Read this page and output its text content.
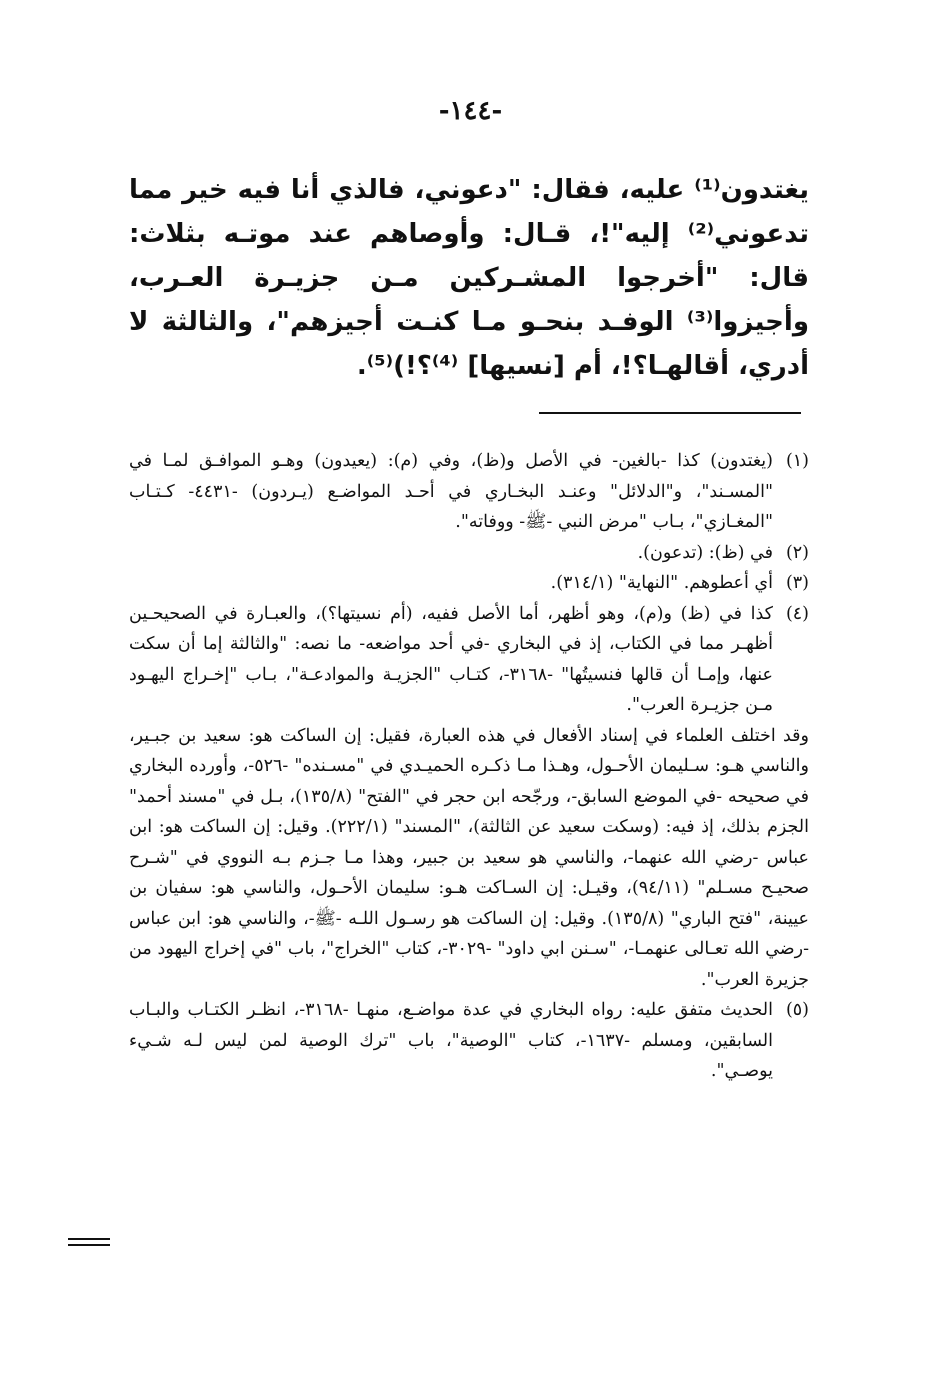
-١٤٤-

يغتدون⁽¹⁾ عليه، فقال: "دعوني، فالذي أنا فيه خير مما تدعوني⁽²⁾ إليه"!، قـال: وأوصاهم عند موتـه بثلاث: قال: "أخرجوا المشـركين مـن جزيـرة العـرب، وأجيزوا⁽³⁾ الوفـد بنحـو مـا كنـت أجيزهم"، والثالثة لا أدري، أقالهـا؟!، أم [نسيها] ⁽⁴⁾؟!)⁽⁵⁾.

(١)

(يغتدون) كذا -بالغين- في الأصل و(ظ)، وفي (م): (يعيدون) وهـو الموافـق لمـا في "المسـند"، و"الدلائل" وعنـد البخـاري في أحـد المواضـع (يـردون) -٤٤٣١- كـتـاب "المغـازي"، بـاب "مرض النبي -ﷺ- ووفاته".

(٢)

في (ظ): (تدعون).

(٣)

أي أعطوهم. "النهاية" (٣١٤/١).

(٤)

كذا في (ظ) و(م)، وهو أظهر، أما الأصل ففيه، (أم نسيتها؟)، والعبـارة في الصحيحـين أظهـر مما في الكتاب، إذ في البخاري -في أحد مواضعه- ما نصه: "والثالثة إما أن سكت عنها، وإمـا أن قالها فنسيتُها" -٣١٦٨-، كتـاب "الجزيـة والموادعـة"، بـاب "إخـراج اليهـود مـن جزيـرة العرب".

وقد اختلف العلماء في إسناد الأفعال في هذه العبارة، فقيل: إن الساكت هو: سعيد بن جبـير، والناسي هـو: سـليمان الأحـول، وهـذا مـا ذكـره الحميـدي في "مسـنده" -٥٢٦-، وأورده البخاري في صحيحه -في الموضع السابق-، ورجّحه ابن حجر في "الفتح" (١٣٥/٨)، بـل في "مسند أحمد" الجزم بذلك، إذ فيه: (وسكت سعيد عن الثالثة)، "المسند" (٢٢٢/١). وقيل: إن الساكت هو: ابن عباس -رضي الله عنهما-، والناسي هو سعيد بن جبير، وهذا مـا جـزم بـه النووي في "شـرح صحيـح مسـلم" (٩٤/١١)، وقيـل: إن السـاكت هـو: سليمان الأحـول، والناسي هو: سفيان بن عيينة، "فتح الباري" (١٣٥/٨). وقيل: إن الساكت هو رسـول اللـه -ﷺ-، والناسي هو: ابن عباس -رضي الله تعـالى عنهمـا-، "سـنن ابي داود" -٣٠٢٩-، كتاب "الخراج"، باب "في إخراج اليهود من جزيرة العرب".

(٥)

الحديث متفق عليه: رواه البخاري في عدة مواضـع، منهـا -٣١٦٨-، انظـر الكتـاب والبـاب السابقين، ومسلم -١٦٣٧-، كتاب "الوصية"، باب "ترك الوصية لمن ليس لـه شـيء يوصـي".
